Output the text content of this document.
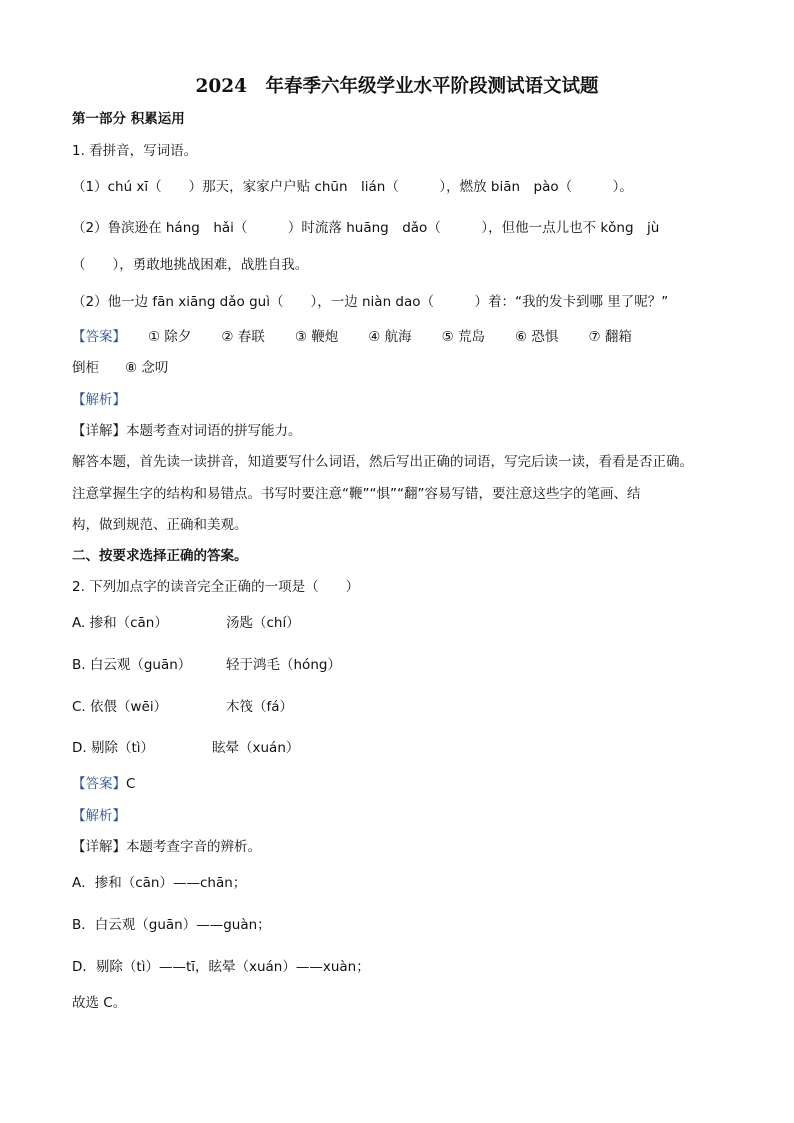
2024　年春季六年级学业水平阶段测试语文试题
第一部分 积累运用
1. 看拼音，写词语。
（1）chú xī（　　）那天，家家户户贴 chūn　lián（　　　），燃放 biān　pào（　　　）。
（2）鲁滨逊在 háng　hǎi（　　　）时流落 huāng　dǎo（　　　），但他一点儿也不 kǒng　jù
（　　），勇敢地挑战困难，战胜自我。
（2）他一边 fān xiāng dǎo guì（　　），一边 niàn dao（　　　）着：“我的发卡到哪 里了呢？”
【答案】 ① 除夕 ② 春联 ③ 鞭炮 ④ 航海 ⑤ 荒岛 ⑥ 恐惧 ⑦ 翻箱
倒柜 ⑧ 念叨
【解析】
【详解】本题考查对词语的拼写能力。
解答本题，首先读一读拼音，知道要写什么词语，然后写出正确的词语，写完后读一读，看看是否正确。
注意掌握生字的结构和易错点。书写时要注意“鞭”“惧”“翻”容易写错，要注意这些字的笔画、结
构，做到规范、正确和美观。
二、按要求选择正确的答案。
2. 下列加点字的读音完全正确的一项是（　　）
A. 掺和（cān）	汤匙（chí）
B. 白云观（guān）	轻于鸿毛（hóng）
C. 依偎（wēi）	木筏（fá）
D. 剔除（tì）	眩晕（xuán）
【答案】C
【解析】
【详解】本题考查字音的辨析。
A．掺和（cān）——chān；
B．白云观（guān）——guàn；
D．剔除（tì）——tī，眩晕（xuán）——xuàn；
故选 C。
